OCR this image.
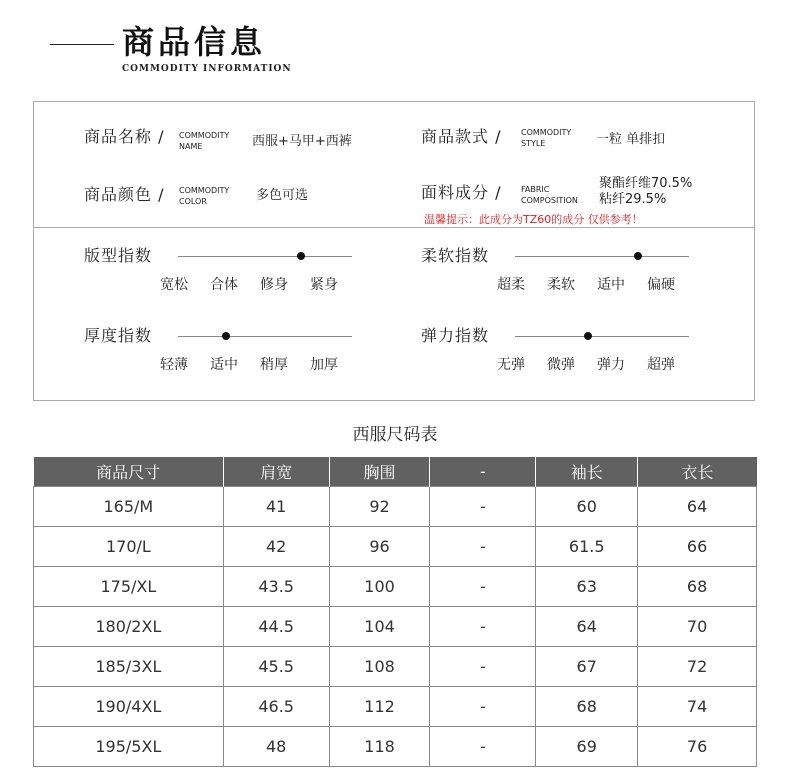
商品信息
COMMODITY INFORMATION
商品名称 / COMMODITY
NAME	西服+马甲+西裤	商品款式 / COMMODITY
STYLE	一粒 单排扣
商品颜色 / COMMODITY
COLOR	多色可选	面料成分 / FABRIC
COMPOSITION
聚酯纤维70.5%
粘纤29.5%
温馨提示：此成分为TZ60的成分 仅供参考！
版型指数
宽松	合体	修身	紧身
柔软指数
超柔	柔软	适中	偏硬
厚度指数
轻薄	适中	稍厚	加厚
弹力指数
无弹	微弹	弹力	超弹
西服尺码表
商品尺寸	肩宽	胸围	-	袖长	衣长
165/M	41	92	-	60	64
170/L	42	96	-	61.5	66
175/XL	43.5	100	-	63	68
180/2XL	44.5	104	-	64	70
185/3XL	45.5	108	-	67	72
190/4XL	46.5	112	-	68	74
195/5XL	48	118	-	69	76
